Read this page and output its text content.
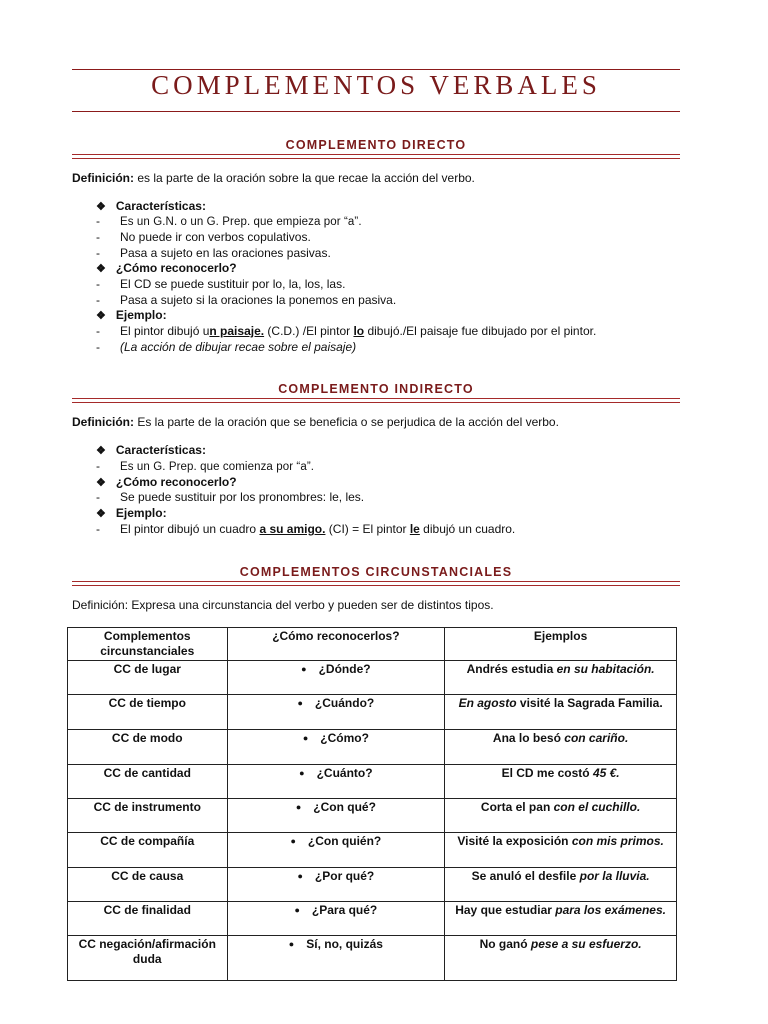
COMPLEMENTOS VERBALES
COMPLEMENTO DIRECTO
Definición: es la parte de la oración sobre la que recae la acción del verbo.
❖ Características:
-      Es un G.N. o un G. Prep. que empieza por “a”.
-      No puede ir con verbos copulativos.
-      Pasa a sujeto en las oraciones pasivas.
❖ ¿Cómo reconocerlo?
-      El CD se puede sustituir por lo, la, los, las.
-      Pasa a sujeto si la oraciones la ponemos en pasiva.
❖ Ejemplo:
-      El pintor dibujó un paisaje. (C.D.) /El pintor lo dibujó./El paisaje fue dibujado por el pintor.
-      (La acción de dibujar recae sobre el paisaje)
COMPLEMENTO INDIRECTO
Definición: Es la parte de la oración que se beneficia o se perjudica de la acción del verbo.
❖ Características:
-      Es un G. Prep. que comienza por “a”.
❖ ¿Cómo reconocerlo?
-      Se puede sustituir por los pronombres: le, les.
❖ Ejemplo:
-      El pintor dibujó un cuadro a su amigo. (CI) = El pintor le dibujó un cuadro.
COMPLEMENTOS CIRCUNSTANCIALES
Definición: Expresa una circunstancia del verbo y pueden ser de distintos tipos.
Complementos circunstanciales	¿Cómo reconocerlos?	Ejemplos
CC de lugar	● ¿Dónde?	Andrés estudia en su habitación.
CC de tiempo	● ¿Cuándo?	En agosto visité la Sagrada Familia.
CC de modo	● ¿Cómo?	Ana lo besó con cariño.
CC de cantidad	● ¿Cuánto?	El CD me costó 45 €.
CC de instrumento	● ¿Con qué?	Corta el pan con el cuchillo.
CC de compañía	● ¿Con quién?	Visité la exposición con mis primos.
CC de causa	● ¿Por qué?	Se anuló el desfile por la lluvia.
CC de finalidad	● ¿Para qué?	Hay que estudiar para los exámenes.
CC negación/afirmación duda	● Sí, no, quizás	No ganó pese a su esfuerzo.
